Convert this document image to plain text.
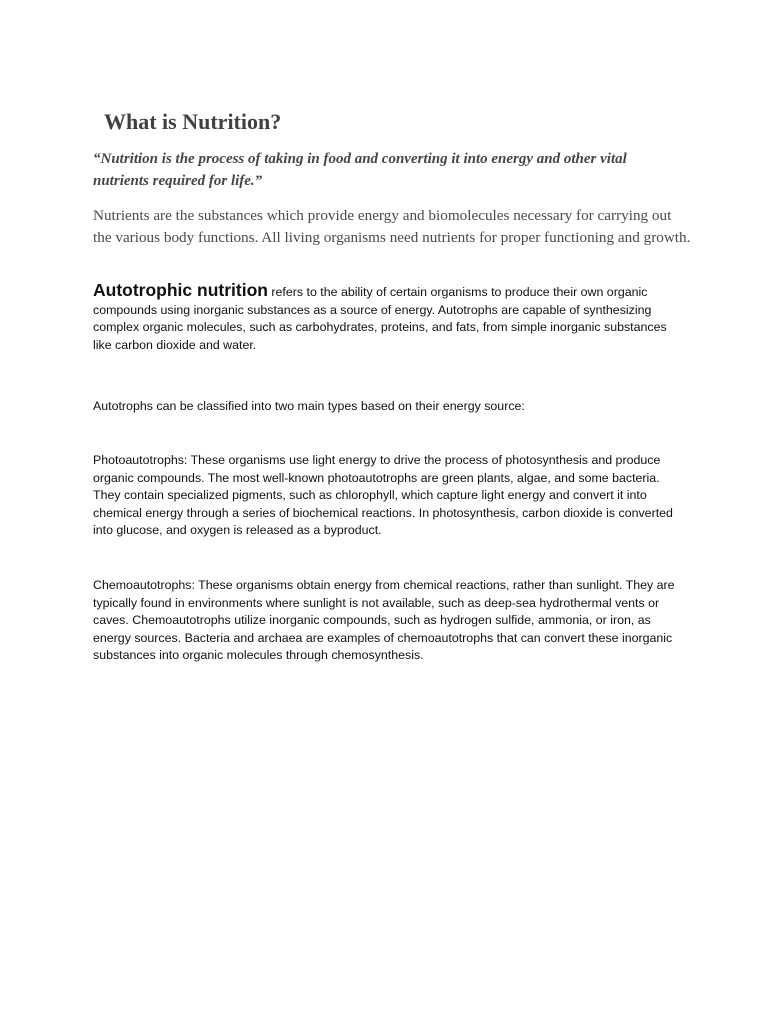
What is Nutrition?

“Nutrition is the process of taking in food and converting it into energy and other vital nutrients required for life.”

Nutrients are the substances which provide energy and biomolecules necessary for carrying out the various body functions. All living organisms need nutrients for proper functioning and growth.

Autotrophic nutrition refers to the ability of certain organisms to produce their own organic compounds using inorganic substances as a source of energy. Autotrophs are capable of synthesizing complex organic molecules, such as carbohydrates, proteins, and fats, from simple inorganic substances like carbon dioxide and water.

Autotrophs can be classified into two main types based on their energy source:

Photoautotrophs: These organisms use light energy to drive the process of photosynthesis and produce organic compounds. The most well-known photoautotrophs are green plants, algae, and some bacteria. They contain specialized pigments, such as chlorophyll, which capture light energy and convert it into chemical energy through a series of biochemical reactions. In photosynthesis, carbon dioxide is converted into glucose, and oxygen is released as a byproduct.

Chemoautotrophs: These organisms obtain energy from chemical reactions, rather than sunlight. They are typically found in environments where sunlight is not available, such as deep-sea hydrothermal vents or caves. Chemoautotrophs utilize inorganic compounds, such as hydrogen sulfide, ammonia, or iron, as energy sources. Bacteria and archaea are examples of chemoautotrophs that can convert these inorganic substances into organic molecules through chemosynthesis.
